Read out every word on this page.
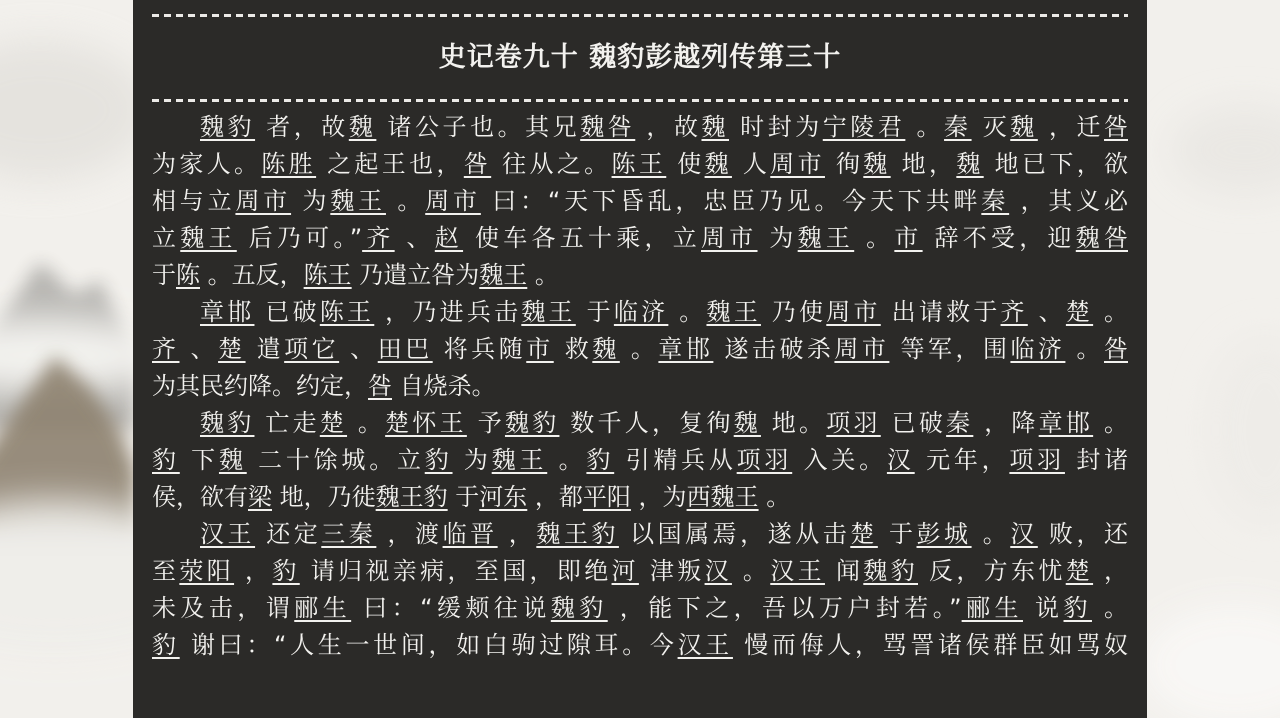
史记卷九十 魏豹彭越列传第三十
魏豹 者，故魏 诸公子也。其兄魏咎 ，故魏 时封为宁陵君 。秦 灭魏 ，迁咎
为家人。陈胜 之起王也，咎 往从之。陈王 使魏 人周市 徇魏 地，魏 地已下，欲
相与立周市 为魏王 。周市 曰：“天下昏乱，忠臣乃见。今天下共畔秦 ，其义必
立魏王 后乃可。”齐 、赵 使车各五十乘，立周市 为魏王 。市 辞不受，迎魏咎
于陈 。五反，陈王 乃遣立咎为魏王 。
章邯 已破陈王 ，乃进兵击魏王 于临济 。魏王 乃使周市 出请救于齐 、楚 。
齐 、楚 遣项它 、田巴 将兵随市 救魏 。章邯 遂击破杀周市 等军，围临济 。咎
为其民约降。约定，咎 自烧杀。
魏豹 亡走楚 。楚怀王 予魏豹 数千人，复徇魏 地。项羽 已破秦 ，降章邯 。
豹 下魏 二十馀城。立豹 为魏王 。豹 引精兵从项羽 入关。汉 元年，项羽 封诸
侯，欲有梁 地，乃徙魏王豹 于河东 ，都平阳 ，为西魏王 。
汉王 还定三秦 ，渡临晋 ，魏王豹 以国属焉，遂从击楚 于彭城 。汉 败，还
至荥阳 ，豹 请归视亲病，至国，即绝河 津叛汉 。汉王 闻魏豹 反，方东忧楚 ，
未及击，谓郦生 曰：“缓颊往说魏豹 ，能下之，吾以万户封若。”郦生 说豹 。
豹 谢曰：“人生一世间，如白驹过隙耳。今汉王 慢而侮人，骂詈诸侯群臣如骂奴
